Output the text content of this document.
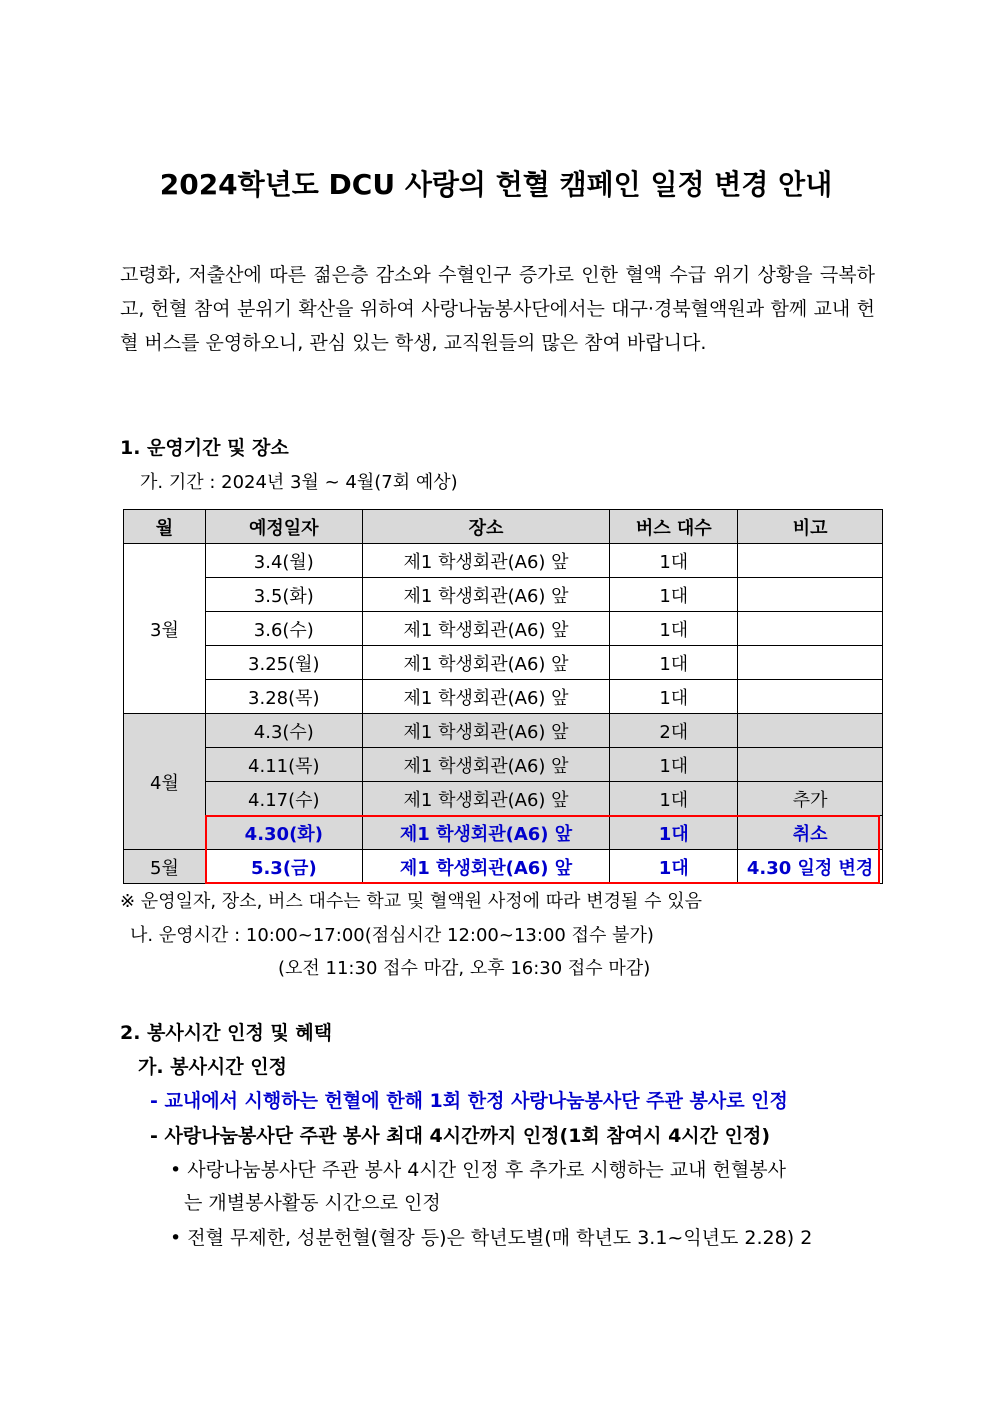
2024학년도 DCU 사랑의 헌혈 캠페인 일정 변경 안내
고령화, 저출산에 따른 젊은층 감소와 수혈인구 증가로 인한 혈액 수급 위기 상황을 극복하고, 헌혈 참여 분위기 확산을 위하여 사랑나눔봉사단에서는 대구·경북혈액원과 함께 교내 헌혈 버스를 운영하오니, 관심 있는 학생, 교직원들의 많은 참여 바랍니다.
1. 운영기간 및 장소
가. 기간 : 2024년 3월 ~ 4월(7회 예상)
월	예정일자	장소	버스 대수	비고
3월	3.4(월)	제1 학생회관(A6) 앞	1대	
	3.5(화)	제1 학생회관(A6) 앞	1대	
	3.6(수)	제1 학생회관(A6) 앞	1대	
	3.25(월)	제1 학생회관(A6) 앞	1대	
	3.28(목)	제1 학생회관(A6) 앞	1대	
4월	4.3(수)	제1 학생회관(A6) 앞	2대	
	4.11(목)	제1 학생회관(A6) 앞	1대	
	4.17(수)	제1 학생회관(A6) 앞	1대	추가
	4.30(화)	제1 학생회관(A6) 앞	1대	취소
5월	5.3(금)	제1 학생회관(A6) 앞	1대	4.30 일정 변경
※ 운영일자, 장소, 버스 대수는 학교 및 혈액원 사정에 따라 변경될 수 있음
나. 운영시간 : 10:00~17:00(점심시간 12:00~13:00 접수 불가)
(오전 11:30 접수 마감, 오후 16:30 접수 마감)
2. 봉사시간 인정 및 혜택
가. 봉사시간 인정
- 교내에서 시행하는 헌혈에 한해 1회 한정 사랑나눔봉사단 주관 봉사로 인정
- 사랑나눔봉사단 주관 봉사 최대 4시간까지 인정(1회 참여시 4시간 인정)
• 사랑나눔봉사단 주관 봉사 4시간 인정 후 추가로 시행하는 교내 헌혈봉사
는 개별봉사활동 시간으로 인정
• 전혈 무제한, 성분헌혈(혈장 등)은 학년도별(매 학년도 3.1~익년도 2.28) 2
